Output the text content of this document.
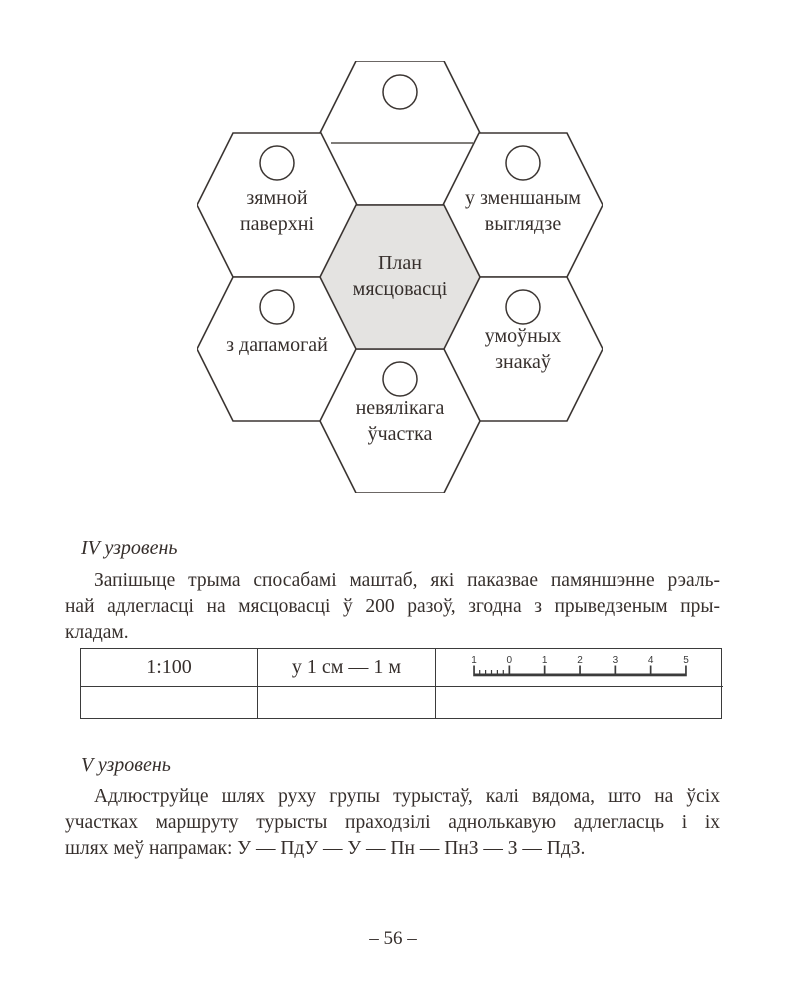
зямной
паверхні
у зменшаным
выглядзе
План
мясцовасці
з дапамогай	умоўных
знакаў
невялікага
ўчастка
IV узровень
Запішыце трыма спосабамі маштаб, які паказвае памяншэнне рэаль-
най адлегласці на мясцовасці ў 200 разоў, згодна з прыведзеным пры-
кладам.
1:100	у 1 см — 1 м	1	0	1	2	3	4	5
V узровень
Адлюструйце шлях руху групы турыстаў, калі вядома, што на ўсіх
участках маршруту турысты праходзілі аднолькавую адлегласць і іх
шлях меў напрамак: У — ПдУ — У — Пн — ПнЗ — З — ПдЗ.
– 56 –
